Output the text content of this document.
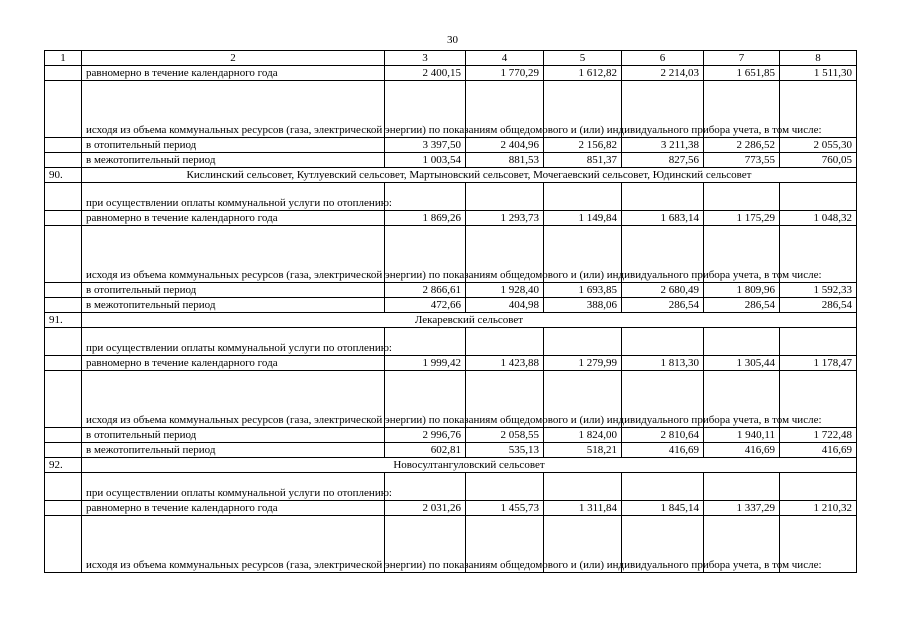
30
1	2	3	4	5	6	7	8
	равномерно в течение календарного года	2 400,15	1 770,29	1 612,82	2 214,03	1 651,85	1 511,30
	исходя из объема коммунальных ресурсов (газа, электрической энергии) по показаниям общедомового и (или) индивидуального прибора учета, в том числе:						
	в отопительный период	3 397,50	2 404,96	2 156,82	3 211,38	2 286,52	2 055,30
	в межотопительный период	1 003,54	881,53	851,37	827,56	773,55	760,05
90.	Кислинский сельсовет, Кутлуевский сельсовет, Мартыновский сельсовет, Мочегаевский сельсовет, Юдинский сельсовет						
	при осуществлении оплаты коммунальной услуги по отоплению:						
	равномерно в течение календарного года	1 869,26	1 293,73	1 149,84	1 683,14	1 175,29	1 048,32
	исходя из объема коммунальных ресурсов (газа, электрической энергии) по показаниям общедомового и (или) индивидуального прибора учета, в том числе:						
	в отопительный период	2 866,61	1 928,40	1 693,85	2 680,49	1 809,96	1 592,33
	в межотопительный период	472,66	404,98	388,06	286,54	286,54	286,54
91.	Лекаревский сельсовет						
	при осуществлении оплаты коммунальной услуги по отоплению:						
	равномерно в течение календарного года	1 999,42	1 423,88	1 279,99	1 813,30	1 305,44	1 178,47
	исходя из объема коммунальных ресурсов (газа, электрической энергии) по показаниям общедомового и (или) индивидуального прибора учета, в том числе:						
	в отопительный период	2 996,76	2 058,55	1 824,00	2 810,64	1 940,11	1 722,48
	в межотопительный период	602,81	535,13	518,21	416,69	416,69	416,69
92.	Новосултангуловский сельсовет						
	при осуществлении оплаты коммунальной услуги по отоплению:						
	равномерно в течение календарного года	2 031,26	1 455,73	1 311,84	1 845,14	1 337,29	1 210,32
	исходя из объема коммунальных ресурсов (газа, электрической энергии) по показаниям общедомового и (или) индивидуального прибора учета, в том числе:						
